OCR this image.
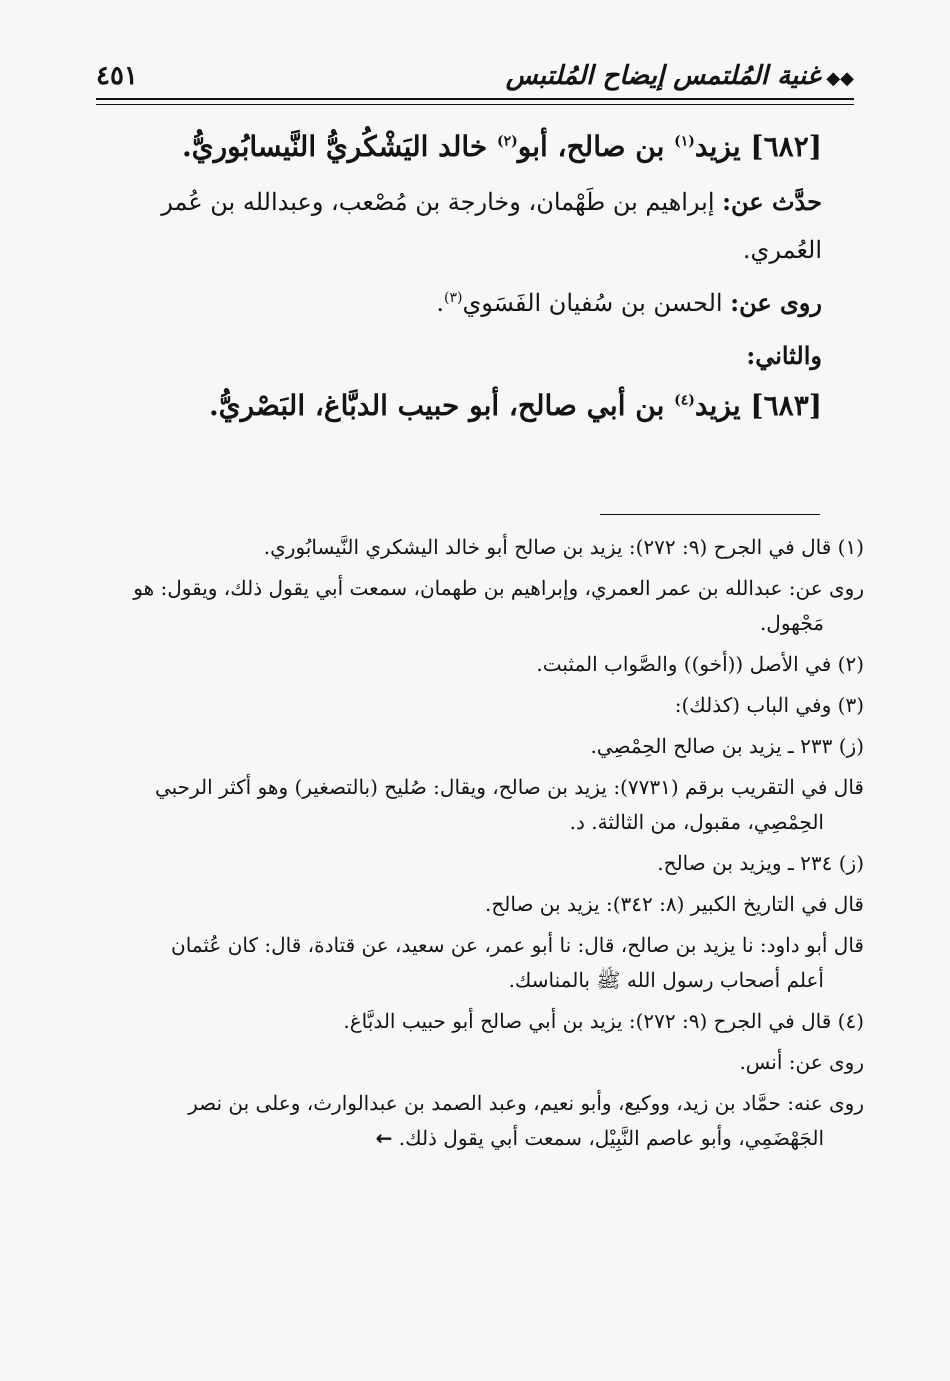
◆◆غنية المُلتمس إيضاح المُلتبس
٤٥١

[٦٨٢] يزيد$^{(١)}$ بن صالح، أبو$^{(٢)}$ خالد اليَشْكُريُّ النَّيسابُوريُّ.

حدَّث عن: إبراهيم بن طَهْمان، وخارجة بن مُصْعب، وعبدالله بن عُمر

العُمري.

روى عن: الحسن بن سُفيان الفَسَوي$^{(٣)}$.

والثاني:

[٦٨٣] يزيد$^{(٤)}$ بن أبي صالح، أبو حبيب الدبَّاغ، البَصْريُّ.

(١) قال في الجرح (٩: ٢٧٢): يزيد بن صالح أبو خالد اليشكري النَّيسابُوري.

روى عن: عبدالله بن عمر العمري، وإبراهيم بن طهمان، سمعت أبي يقول ذلك، ويقول: هو

مَجْهول.

(٢) في الأصل ((أخو)) والصَّواب المثبت.

(٣) وفي الباب (كذلك):

(ز) ٢٣٣ ـ يزيد بن صالح الحِمْصِي.

قال في التقريب برقم (٧٧٣١): يزيد بن صالح، ويقال: صُليح (بالتصغير) وهو أكثر الرحبي

الحِمْصِي، مقبول، من الثالثة. د.

(ز) ٢٣٤ ـ ويزيد بن صالح.

قال في التاريخ الكبير (٨: ٣٤٢): يزيد بن صالح.

قال أبو داود: نا يزيد بن صالح، قال: نا أبو عمر، عن سعيد، عن قتادة، قال: كان عُثمان

أعلم أصحاب رسول الله ﷺ بالمناسك.

(٤) قال في الجرح (٩: ٢٧٢): يزيد بن أبي صالح أبو حبيب الدبَّاغ.

روى عن: أنس.

روى عنه: حمَّاد بن زيد، ووكيع، وأبو نعيم، وعبد الصمد بن عبدالوارث، وعلى بن نصر

الجَهْضَمِي، وأبو عاصم النَّبِيْل، سمعت أبي يقول ذلك. ←
